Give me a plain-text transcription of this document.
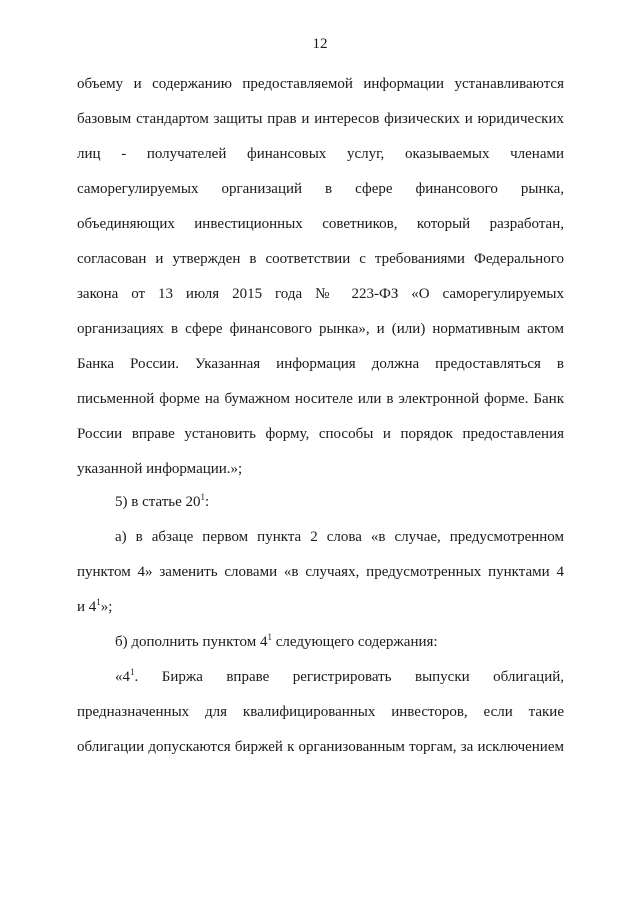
12
объему и содержанию предоставляемой информации устанавливаются
базовым стандартом защиты прав и интересов физических и юридических
лиц - получателей финансовых услуг, оказываемых членами
саморегулируемых организаций в сфере финансового рынка,
объединяющих инвестиционных советников, который разработан,
согласован и утвержден в соответствии с требованиями Федерального
закона от 13 июля 2015 года № 223-ФЗ «О саморегулируемых
организациях в сфере финансового рынка», и (или) нормативным актом
Банка России. Указанная информация должна предоставляться в
письменной форме на бумажном носителе или в электронной форме. Банк
России вправе установить форму, способы и порядок предоставления
указанной информации.»;
5) в статье $20^1$:
а) в абзаце первом пункта 2 слова «в случае, предусмотренном
пунктом 4» заменить словами «в случаях, предусмотренных пунктами 4
и $4^1$»;
б) дополнить пунктом $4^1$ следующего содержания:
«$4^1$. Биржа вправе регистрировать выпуски облигаций,
предназначенных для квалифицированных инвесторов, если такие
облигации допускаются биржей к организованным торгам, за исключением
